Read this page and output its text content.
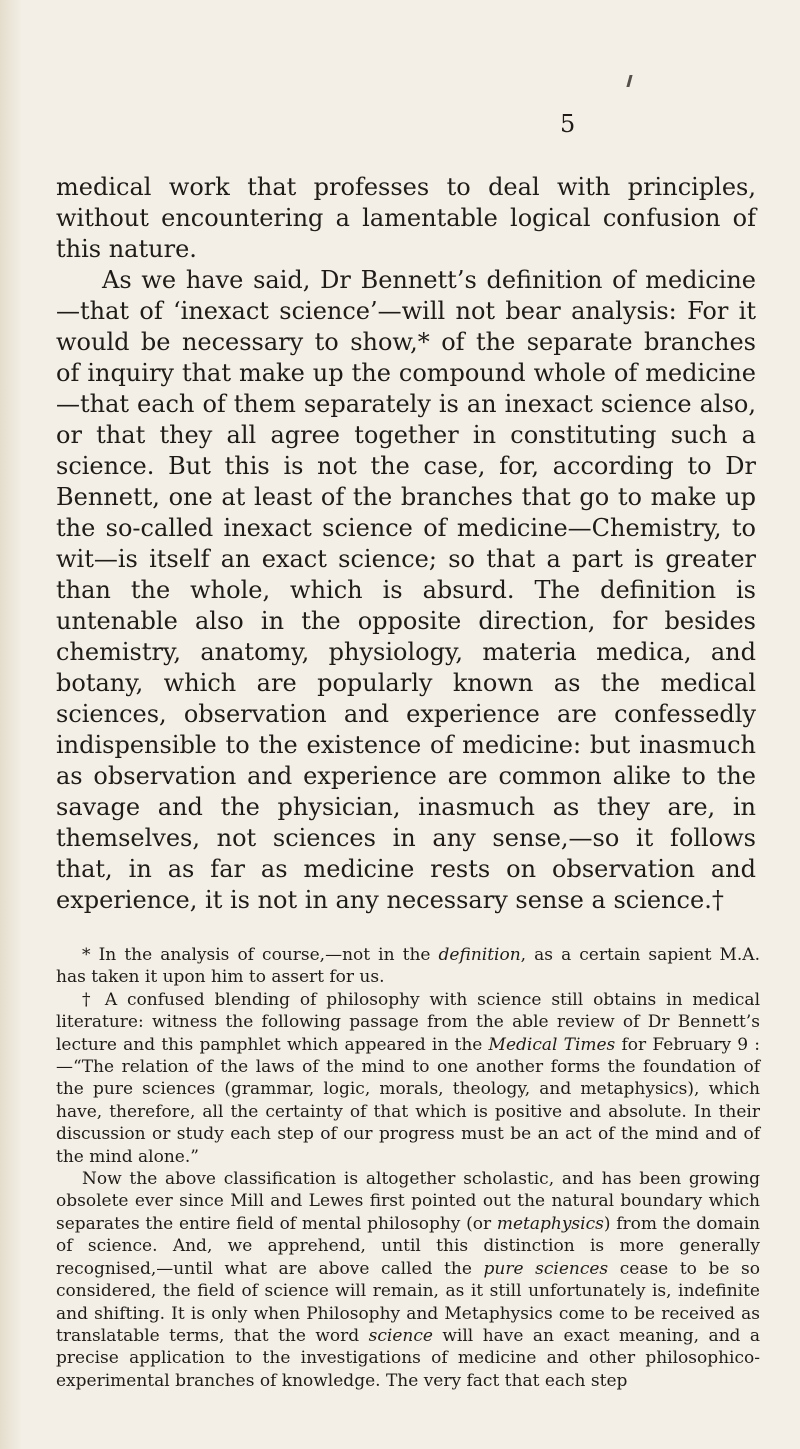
5

medical work that professes to deal with principles, without encountering a lamentable logical confusion of this nature.

As we have said, Dr Bennett’s definition of medicine—that of ‘inexact science’—will not bear analysis: For it would be necessary to show,* of the separate branches of inquiry that make up the compound whole of medicine—that each of them separately is an inexact science also, or that they all agree together in constituting such a science. But this is not the case, for, according to Dr Bennett, one at least of the branches that go to make up the so-called inexact science of medicine—Chemistry, to wit—is itself an exact science; so that a part is greater than the whole, which is absurd. The definition is untenable also in the opposite direction, for besides chemistry, anatomy, physiology, materia medica, and botany, which are popularly known as the medical sciences, observation and experience are confessedly indispensible to the existence of medicine: but inasmuch as observation and experience are common alike to the savage and the physician, inasmuch as they are, in themselves, not sciences in any sense,—so it follows that, in as far as medicine rests on observation and experience, it is not in any necessary sense a science.†

* In the analysis of course,—not in the definition, as a certain sapient M.A. has taken it upon him to assert for us.

† A confused blending of philosophy with science still obtains in medical literature: witness the following passage from the able review of Dr Bennett’s lecture and this pamphlet which appeared in the Medical Times for February 9 :—“The relation of the laws of the mind to one another forms the foundation of the pure sciences (grammar, logic, morals, theology, and metaphysics), which have, therefore, all the certainty of that which is positive and absolute. In their discussion or study each step of our progress must be an act of the mind and of the mind alone.”

Now the above classification is altogether scholastic, and has been growing obsolete ever since Mill and Lewes first pointed out the natural boundary which separates the entire field of mental philosophy (or metaphysics) from the domain of science. And, we apprehend, until this distinction is more generally recognised,—until what are above called the pure sciences cease to be so considered, the field of science will remain, as it still unfortunately is, indefinite and shifting. It is only when Philosophy and Metaphysics come to be received as translatable terms, that the word science will have an exact meaning, and a precise application to the investigations of medicine and other philosophico-experimental branches of knowledge. The very fact that each step
